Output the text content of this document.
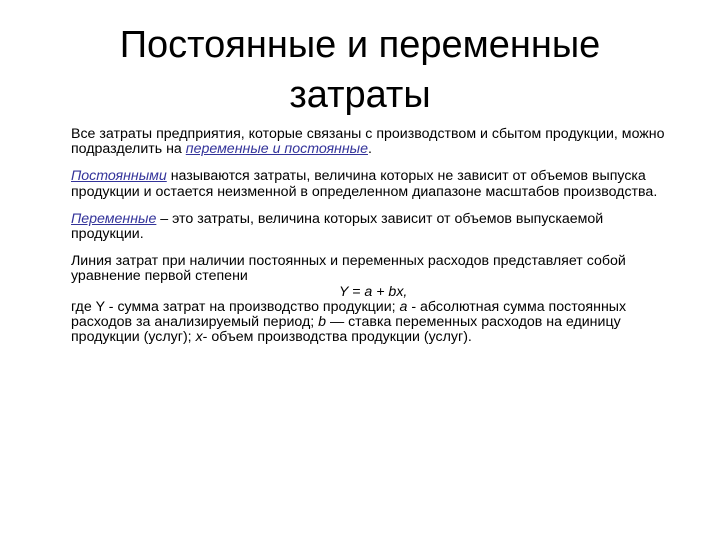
Постоянные и переменные
затраты

Все затраты предприятия, которые связаны с производством и сбытом продукции, можно подразделить на переменные и постоянные.

Постоянными называются затраты, величина которых не зависит от объемов выпуска продукции и остается неизменной в определенном диапазоне масштабов производства.

Переменные – это затраты, величина которых зависит от объемов выпускаемой продукции.

Линия затрат при наличии постоянных и переменных расходов представляет собой уравнение первой степени
Y = a + bx,
где Y - сумма затрат на производство продукции; а - абсолютная сумма постоянных расходов за анализируемый период; b — ставка переменных расходов на единицу продукции (услуг); х- объем производства продукции (услуг).
